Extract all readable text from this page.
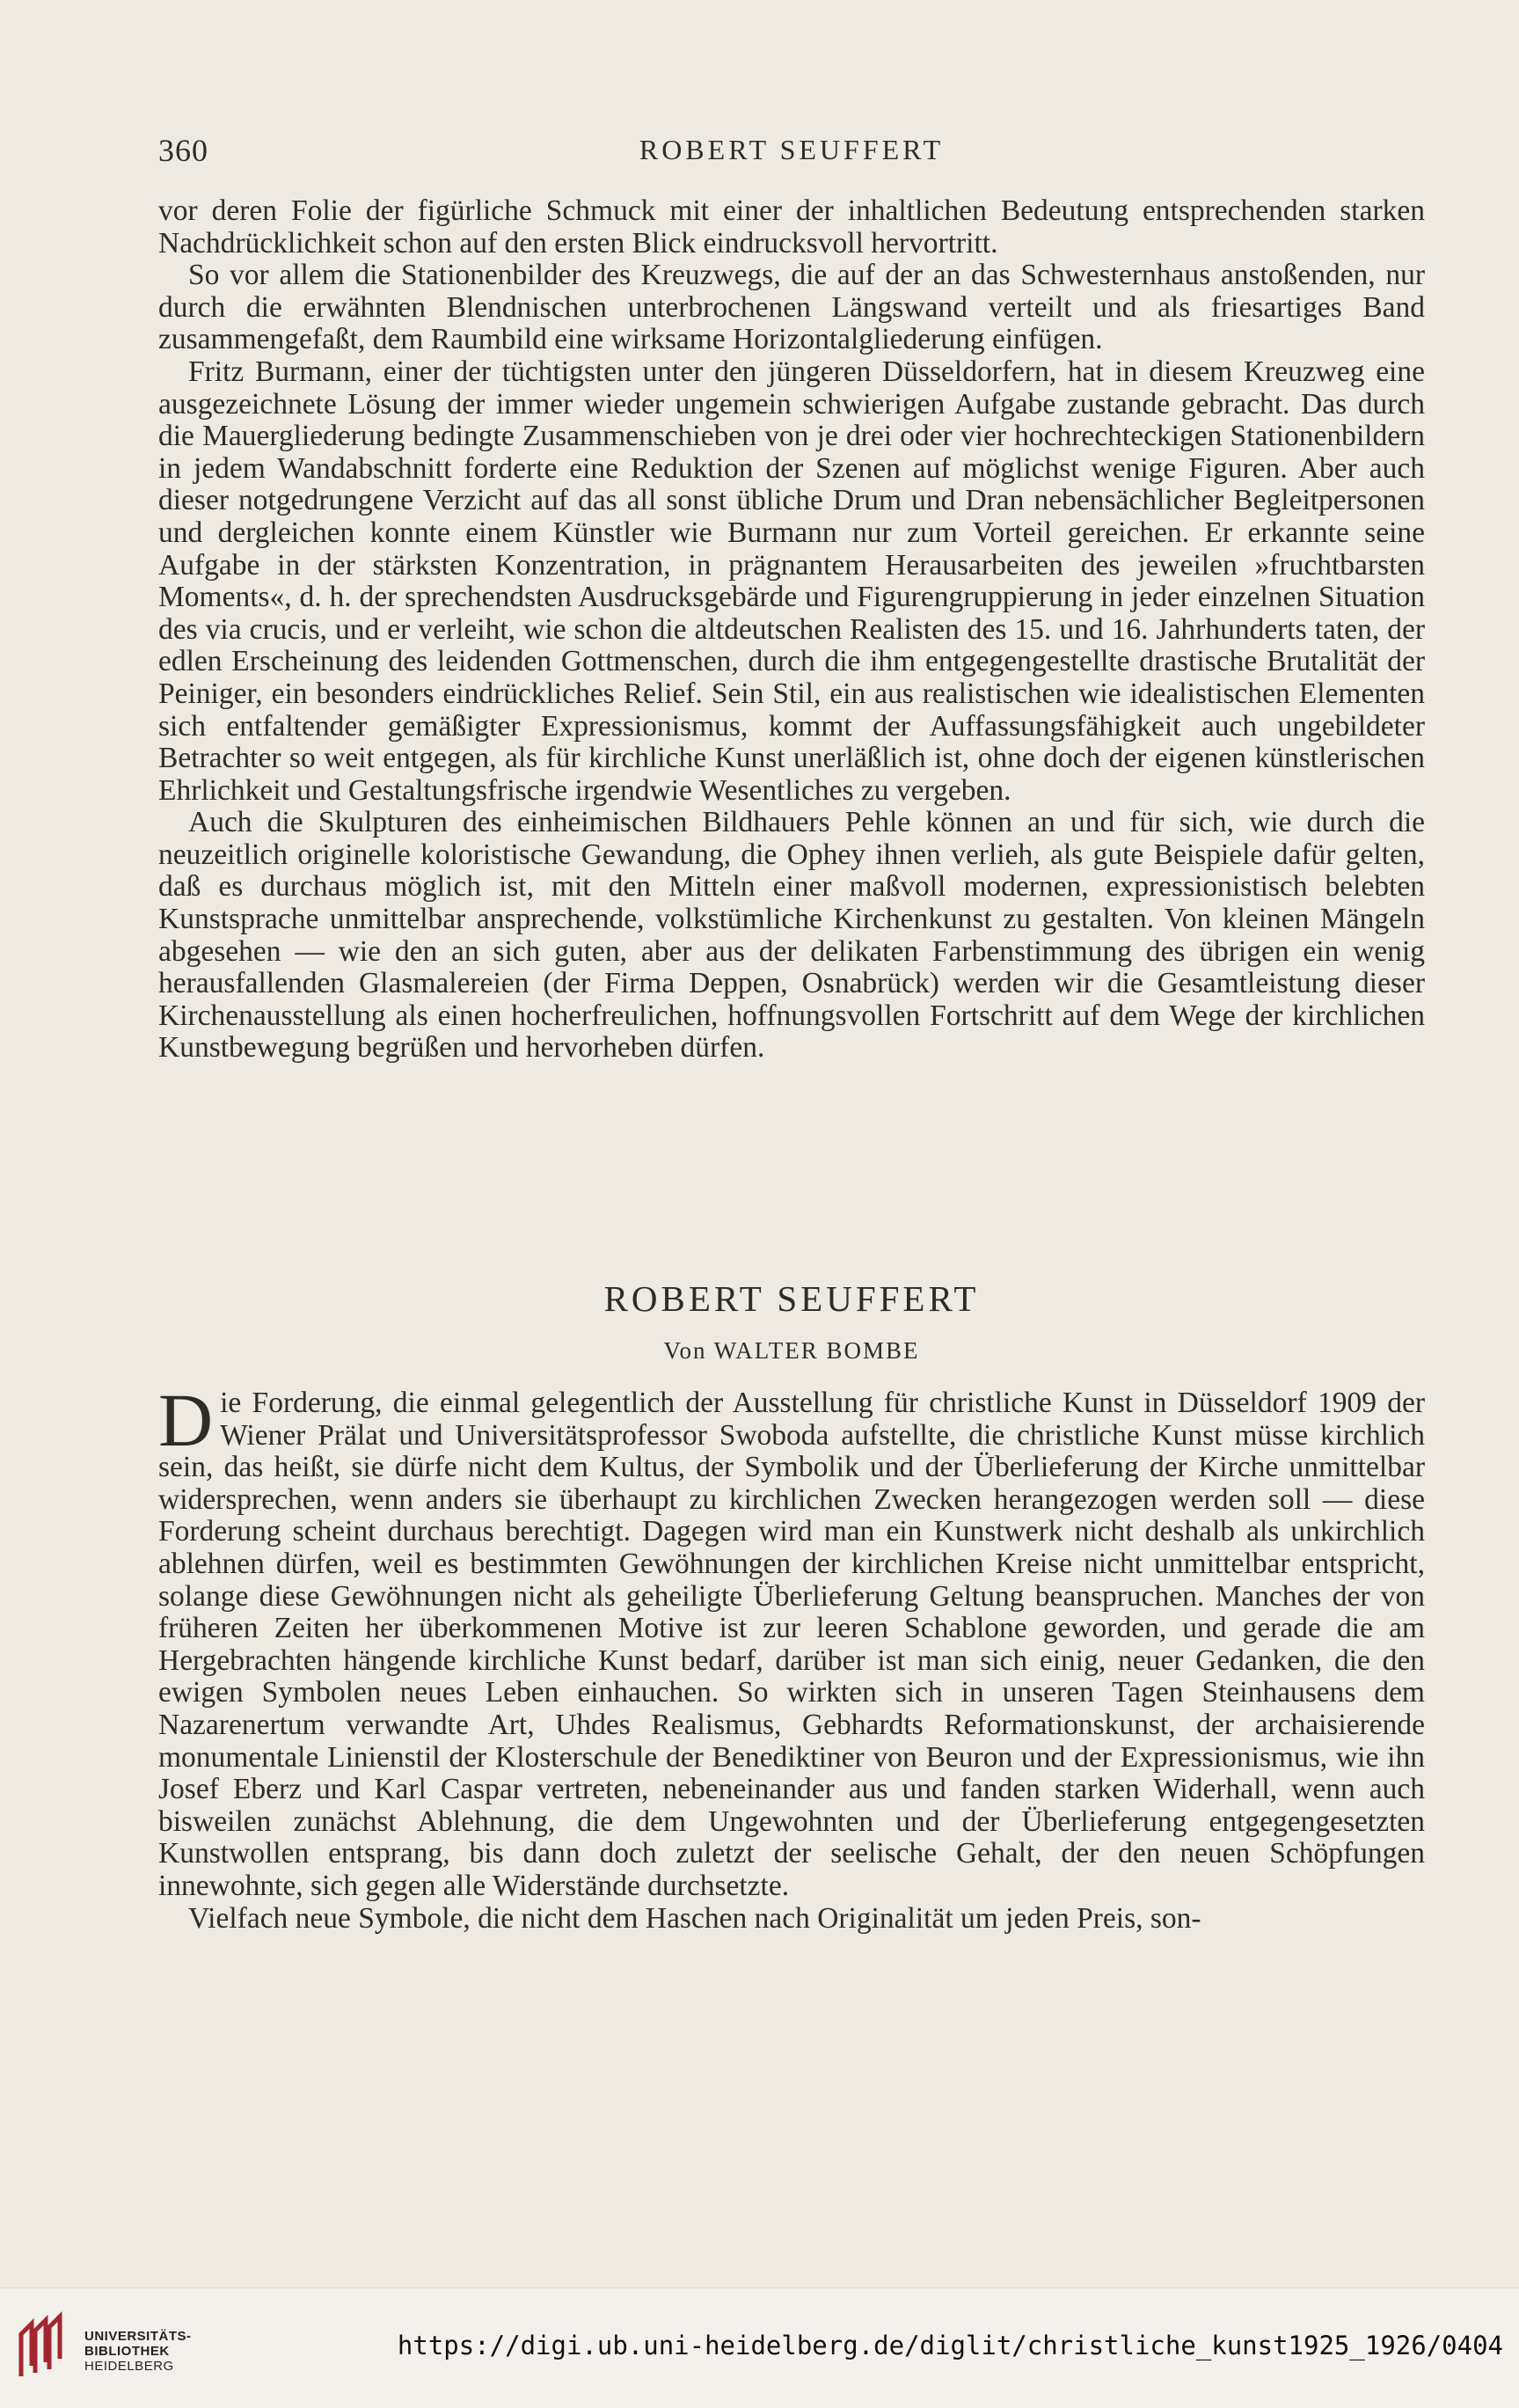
360	ROBERT SEUFFERT

vor deren Folie der figürliche Schmuck mit einer der inhaltlichen Bedeutung entsprechenden starken Nachdrücklichkeit schon auf den ersten Blick eindrucksvoll hervortritt.

So vor allem die Stationenbilder des Kreuzwegs, die auf der an das Schwesternhaus anstoßenden, nur durch die erwähnten Blendnischen unterbrochenen Längswand verteilt und als friesartiges Band zusammengefaßt, dem Raumbild eine wirksame Horizontalgliederung einfügen.

Fritz Burmann, einer der tüchtigsten unter den jüngeren Düsseldorfern, hat in diesem Kreuzweg eine ausgezeichnete Lösung der immer wieder ungemein schwierigen Aufgabe zustande gebracht. Das durch die Mauergliederung bedingte Zusammenschieben von je drei oder vier hochrechteckigen Stationenbildern in jedem Wandabschnitt forderte eine Reduktion der Szenen auf möglichst wenige Figuren. Aber auch dieser notgedrungene Verzicht auf das all sonst übliche Drum und Dran nebensächlicher Begleitpersonen und dergleichen konnte einem Künstler wie Burmann nur zum Vorteil gereichen. Er erkannte seine Aufgabe in der stärksten Konzentration, in prägnantem Herausarbeiten des jeweilen »fruchtbarsten Moments«, d. h. der sprechendsten Ausdrucksgebärde und Figurengruppierung in jeder einzelnen Situation des via crucis, und er verleiht, wie schon die altdeutschen Realisten des 15. und 16. Jahrhunderts taten, der edlen Erscheinung des leidenden Gottmenschen, durch die ihm entgegengestellte drastische Brutalität der Peiniger, ein besonders eindrückliches Relief. Sein Stil, ein aus realistischen wie idealistischen Elementen sich entfaltender gemäßigter Expressionismus, kommt der Auffassungsfähigkeit auch ungebildeter Betrachter so weit entgegen, als für kirchliche Kunst unerläßlich ist, ohne doch der eigenen künstlerischen Ehrlichkeit und Gestaltungsfrische irgendwie Wesentliches zu vergeben.

Auch die Skulpturen des einheimischen Bildhauers Pehle können an und für sich, wie durch die neuzeitlich originelle koloristische Gewandung, die Ophey ihnen verlieh, als gute Beispiele dafür gelten, daß es durchaus möglich ist, mit den Mitteln einer maßvoll modernen, expressionistisch belebten Kunstsprache unmittelbar ansprechende, volkstümliche Kirchenkunst zu gestalten. Von kleinen Mängeln abgesehen — wie den an sich guten, aber aus der delikaten Farbenstimmung des übrigen ein wenig herausfallenden Glasmalereien (der Firma Deppen, Osnabrück) werden wir die Gesamtleistung dieser Kirchenausstellung als einen hocherfreulichen, hoffnungsvollen Fortschritt auf dem Wege der kirchlichen Kunstbewegung begrüßen und hervorheben dürfen.

ROBERT SEUFFERT
Von WALTER BOMBE

Die Forderung, die einmal gelegentlich der Ausstellung für christliche Kunst in Düsseldorf 1909 der Wiener Prälat und Universitätsprofessor Swoboda aufstellte, die christliche Kunst müsse kirchlich sein, das heißt, sie dürfe nicht dem Kultus, der Symbolik und der Überlieferung der Kirche unmittelbar widersprechen, wenn anders sie überhaupt zu kirchlichen Zwecken herangezogen werden soll — diese Forderung scheint durchaus berechtigt. Dagegen wird man ein Kunstwerk nicht deshalb als unkirchlich ablehnen dürfen, weil es bestimmten Gewöhnungen der kirchlichen Kreise nicht unmittelbar entspricht, solange diese Gewöhnungen nicht als geheiligte Überlieferung Geltung beanspruchen. Manches der von früheren Zeiten her überkommenen Motive ist zur leeren Schablone geworden, und gerade die am Hergebrachten hängende kirchliche Kunst bedarf, darüber ist man sich einig, neuer Gedanken, die den ewigen Symbolen neues Leben einhauchen. So wirkten sich in unseren Tagen Steinhausens dem Nazarenertum verwandte Art, Uhdes Realismus, Gebhardts Reformationskunst, der archaisierende monumentale Linienstil der Klosterschule der Benediktiner von Beuron und der Expressionismus, wie ihn Josef Eberz und Karl Caspar vertreten, nebeneinander aus und fanden starken Widerhall, wenn auch bisweilen zunächst Ablehnung, die dem Ungewohnten und der Überlieferung entgegengesetzten Kunstwollen entsprang, bis dann doch zuletzt der seelische Gehalt, der den neuen Schöpfungen innewohnte, sich gegen alle Widerstände durchsetzte.

Vielfach neue Symbole, die nicht dem Haschen nach Originalität um jeden Preis, son-

UNIVERSITÄTS-
BIBLIOTHEK
HEIDELBERG
https://digi.ub.uni-heidelberg.de/diglit/christliche_kunst1925_1926/0404
